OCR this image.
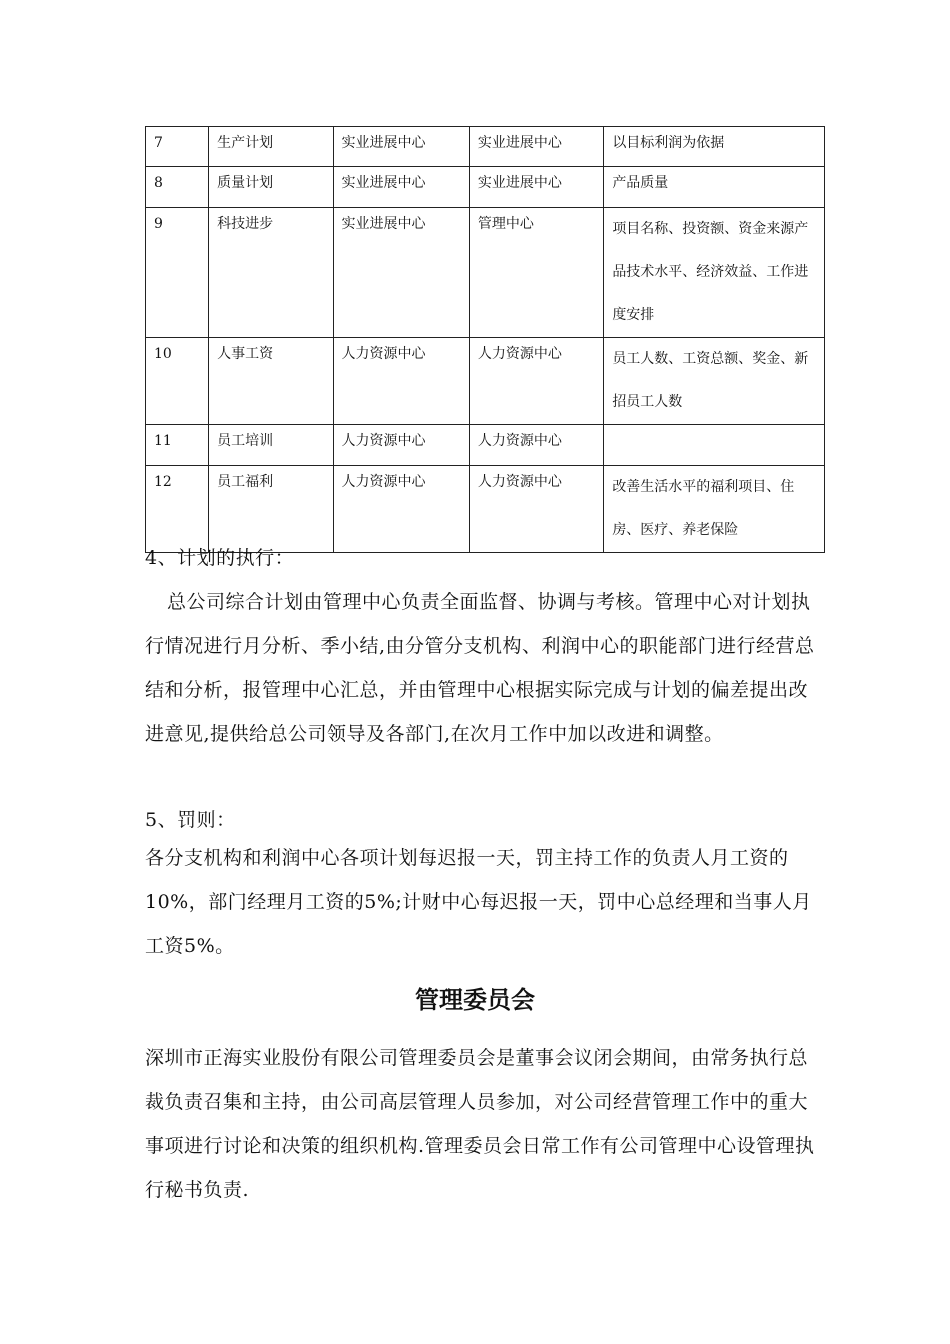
7	生产计划	实业进展中心	实业进展中心	以目标利润为依据
8	质量计划	实业进展中心	实业进展中心	产品质量
9	科技进步	实业进展中心	管理中心	项目名称、投资额、资金来源产品技术水平、经济效益、工作进度安排
10	人事工资	人力资源中心	人力资源中心	员工人数、工资总额、奖金、新招员工人数
11	员工培训	人力资源中心	人力资源中心	
12	员工福利	人力资源中心	人力资源中心	改善生活水平的福利项目、住房、医疗、养老保险

4、计划的执行：

总公司综合计划由管理中心负责全面监督、协调与考核。管理中心对计划执行情况进行月分析、季小结,由分管分支机构、利润中心的职能部门进行经营总结和分析，报管理中心汇总，并由管理中心根据实际完成与计划的偏差提出改进意见,提供给总公司领导及各部门,在次月工作中加以改进和调整。

5、罚则：

各分支机构和利润中心各项计划每迟报一天，罚主持工作的负责人月工资的10%，部门经理月工资的5%;计财中心每迟报一天，罚中心总经理和当事人月工资5%。

管理委员会

深圳市正海实业股份有限公司管理委员会是董事会议闭会期间，由常务执行总裁负责召集和主持，由公司高层管理人员参加，对公司经营管理工作中的重大事项进行讨论和决策的组织机构.管理委员会日常工作有公司管理中心设管理执行秘书负责.
